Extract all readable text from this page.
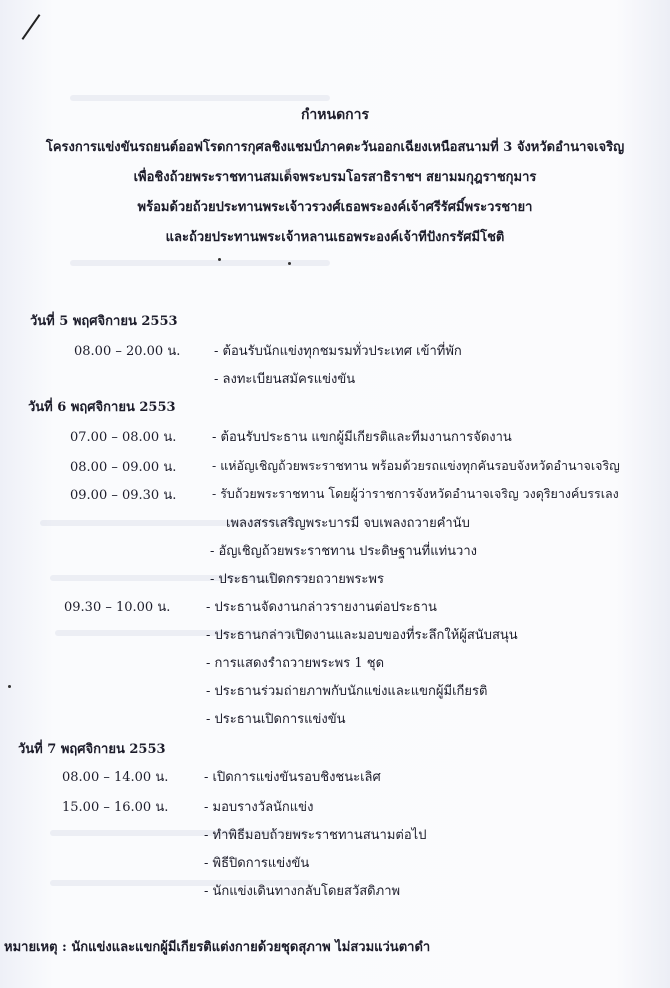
กำหนดการ
โครงการแข่งขันรถยนต์ออฟโรดการกุศลชิงแชมป์ภาคตะวันออกเฉียงเหนือสนามที่ 3 จังหวัดอำนาจเจริญ
เพื่อชิงถ้วยพระราชทานสมเด็จพระบรมโอรสาธิราชฯ สยามมกุฎราชกุมาร
พร้อมด้วยถ้วยประทานพระเจ้าวรวงศ์เธอพระองค์เจ้าศรีรัศมิ์พระวรชายา
และถ้วยประทานพระเจ้าหลานเธอพระองค์เจ้าทีปังกรรัศมีโชติ
วันที่ 5 พฤศจิกายน 2553
08.00 – 20.00 น.	- ต้อนรับนักแข่งทุกชมรมทั่วประเทศ เข้าที่พัก
- ลงทะเบียนสมัครแข่งขัน
วันที่ 6 พฤศจิกายน 2553
07.00 – 08.00 น.	- ต้อนรับประธาน แขกผู้มีเกียรติและทีมงานการจัดงาน
08.00 – 09.00 น.	- แห่อัญเชิญถ้วยพระราชทาน พร้อมด้วยรถแข่งทุกคันรอบจังหวัดอำนาจเจริญ
09.00 – 09.30 น.	- รับถ้วยพระราชทาน โดยผู้ว่าราชการจังหวัดอำนาจเจริญ วงดุริยางค์บรรเลง
เพลงสรรเสริญพระบารมี จบเพลงถวายคำนับ
- อัญเชิญถ้วยพระราชทาน ประดิษฐานที่แท่นวาง
- ประธานเปิดกรวยถวายพระพร
09.30 – 10.00 น.	- ประธานจัดงานกล่าวรายงานต่อประธาน
- ประธานกล่าวเปิดงานและมอบของที่ระลึกให้ผู้สนับสนุน
- การแสดงรำถวายพระพร 1 ชุด
- ประธานร่วมถ่ายภาพกับนักแข่งและแขกผู้มีเกียรติ
- ประธานเปิดการแข่งขัน
วันที่ 7 พฤศจิกายน 2553
08.00 – 14.00 น.	- เปิดการแข่งขันรอบชิงชนะเลิศ
15.00 – 16.00 น.	- มอบรางวัลนักแข่ง
- ทำพิธีมอบถ้วยพระราชทานสนามต่อไป
- พิธีปิดการแข่งขัน
- นักแข่งเดินทางกลับโดยสวัสดิภาพ
หมายเหตุ : นักแข่งและแขกผู้มีเกียรติแต่งกายด้วยชุดสุภาพ ไม่สวมแว่นตาดำ
